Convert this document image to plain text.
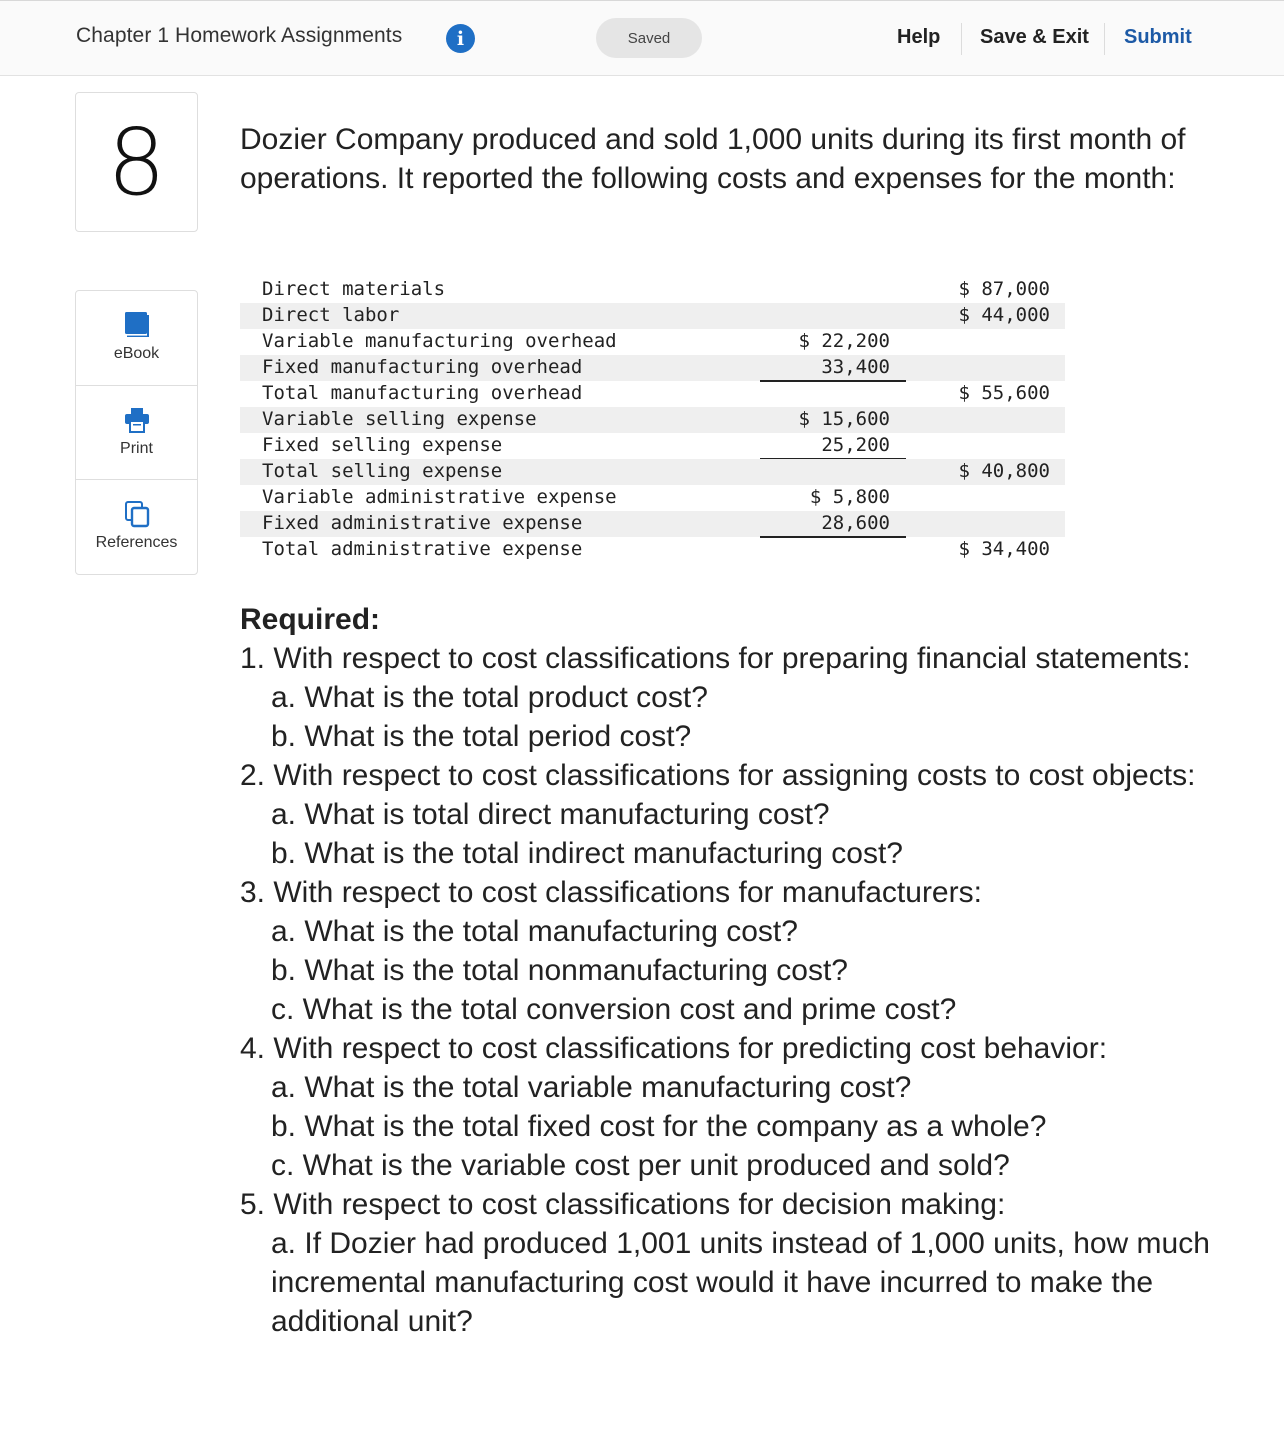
Chapter 1 Homework Assignments	i	Saved	Help Save & Exit Submit
8
eBook
Print
References
Dozier Company produced and sold 1,000 units during its first month of operations. It reported the following costs and expenses for the month:
Direct materials	$ 87,000
Direct labor	$ 44,000
Variable manufacturing overhead	$ 22,200
Fixed manufacturing overhead	33,400
Total manufacturing overhead	$ 55,600
Variable selling expense	$ 15,600
Fixed selling expense	25,200
Total selling expense	$ 40,800
Variable administrative expense	$ 5,800
Fixed administrative expense	28,600
Total administrative expense	$ 34,400
Required:
1. With respect to cost classifications for preparing financial statements:
a. What is the total product cost?
b. What is the total period cost?
2. With respect to cost classifications for assigning costs to cost objects:
a. What is total direct manufacturing cost?
b. What is the total indirect manufacturing cost?
3. With respect to cost classifications for manufacturers:
a. What is the total manufacturing cost?
b. What is the total nonmanufacturing cost?
c. What is the total conversion cost and prime cost?
4. With respect to cost classifications for predicting cost behavior:
a. What is the total variable manufacturing cost?
b. What is the total fixed cost for the company as a whole?
c. What is the variable cost per unit produced and sold?
5. With respect to cost classifications for decision making:
a. If Dozier had produced 1,001 units instead of 1,000 units, how much incremental manufacturing cost would it have incurred to make the additional unit?
